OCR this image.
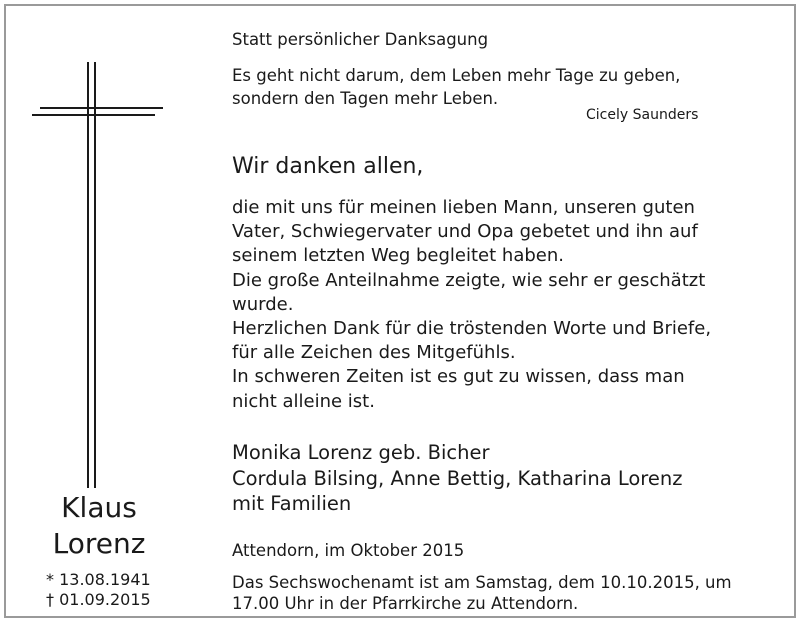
Klaus
Lorenz
* 13.08.1941
† 01.09.2015
Statt persönlicher Danksagung
Es geht nicht darum, dem Leben mehr Tage zu geben,
sondern den Tagen mehr Leben.
Cicely Saunders
Wir danken allen,
die mit uns für meinen lieben Mann, unseren guten
Vater, Schwiegervater und Opa gebetet und ihn auf
seinem letzten Weg begleitet haben.
Die große Anteilnahme zeigte, wie sehr er geschätzt
wurde.
Herzlichen Dank für die tröstenden Worte und Briefe,
für alle Zeichen des Mitgefühls.
In schweren Zeiten ist es gut zu wissen, dass man
nicht alleine ist.
Monika Lorenz geb. Bicher
Cordula Bilsing, Anne Bettig, Katharina Lorenz
mit Familien
Attendorn, im Oktober 2015
Das Sechswochenamt ist am Samstag, dem 10.10.2015, um
17.00 Uhr in der Pfarrkirche zu Attendorn.
